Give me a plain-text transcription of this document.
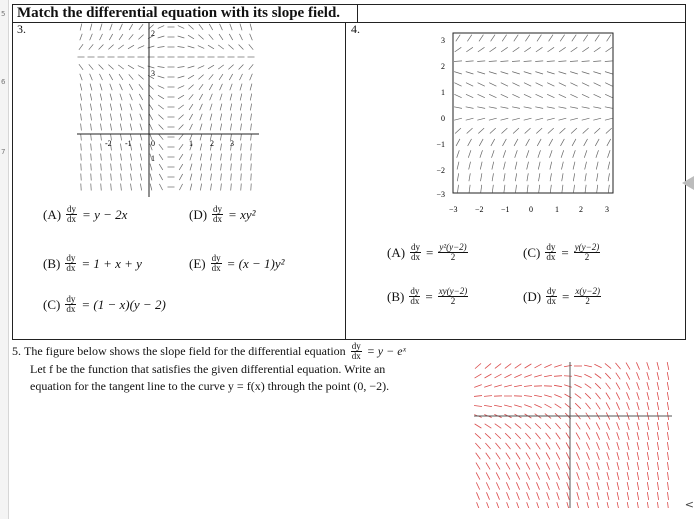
5
6
7
Match the differential equation with its slope field.
3.
-2 -1 0	1 2 3
1
2
3
$(A) \frac{dy}{dx} = y - 2x$	$(D) \frac{dy}{dx} = xy^2$
$(B) \frac{dy}{dx} = 1 + x + y$	$(E) \frac{dy}{dx} = (x - 1)y^2$
$(C) \frac{dy}{dx} = (1 - x)(y - 2)$
4.
3
2
1
0
−1
−2
−3
−3 −2 −1 0	1	2	3
$(A) \frac{dy}{dx} = \frac{\text{y²(y−2)}}{2}$	$(C) \frac{dy}{dx} = \frac{y(y-2)}{2}$
$(B) \frac{dy}{dx} = \frac{xy(y-2)}{2}$	$(D) \frac{dy}{dx} = \frac{x(y-2)}{2}$
5. The figure below shows the slope field for the differential equation $\frac{dy}{dx} = y$ − eˣ
Let f be the function that satisfies the given differential equation. Write an
equation for the tangent line to the curve y = f(x) through the point (0, −2).
<
